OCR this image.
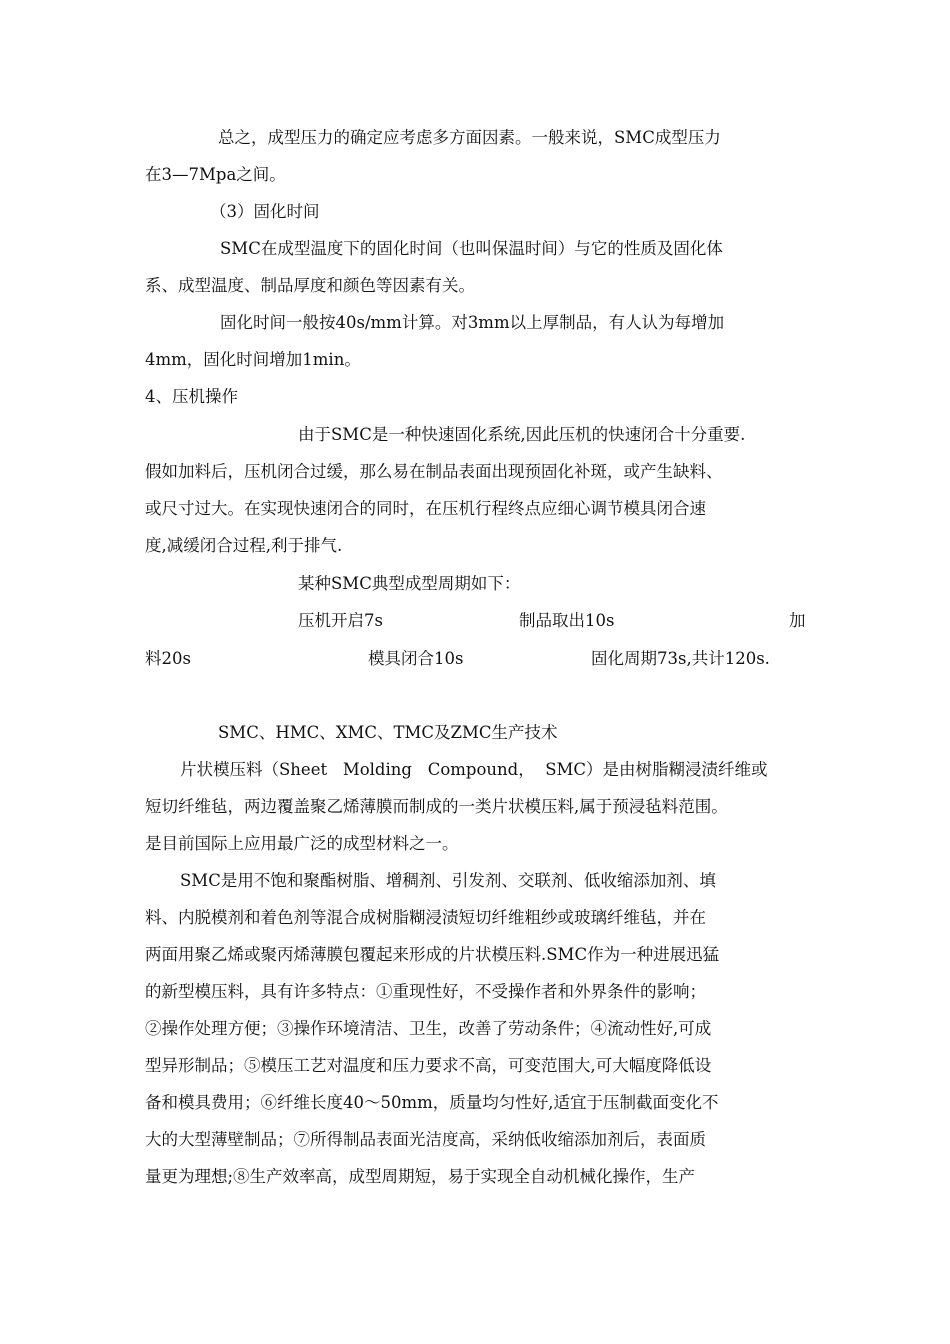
总之，成型压力的确定应考虑多方面因素。一般来说，SMC成型压力
在3—7Mpa之间。
（3）固化时间
SMC在成型温度下的固化时间（也叫保温时间）与它的性质及固化体
系、成型温度、制品厚度和颜色等因素有关。
固化时间一般按40s/mm计算。对3mm以上厚制品，有人认为每增加
4mm，固化时间增加1min。
4、压机操作
由于SMC是一种快速固化系统,因此压机的快速闭合十分重要.
假如加料后，压机闭合过缓，那么易在制品表面出现预固化补斑，或产生缺料、
或尺寸过大。在实现快速闭合的同时，在压机行程终点应细心调节模具闭合速
度,减缓闭合过程,利于排气.
某种SMC典型成型周期如下：
压机开启7s	制品取出10s	加
料20s	模具闭合10s	固化周期73s,共计120s.
SMC、HMC、XMC、TMC及ZMC生产技术
片状模压料（Sheet   Molding   Compound，  SMC）是由树脂糊浸渍纤维或
短切纤维毡，两边覆盖聚乙烯薄膜而制成的一类片状模压料,属于预浸毡料范围。
是目前国际上应用最广泛的成型材料之一。
SMC是用不饱和聚酯树脂、增稠剂、引发剂、交联剂、低收缩添加剂、填
料、内脱模剂和着色剂等混合成树脂糊浸渍短切纤维粗纱或玻璃纤维毡，并在
两面用聚乙烯或聚丙烯薄膜包覆起来形成的片状模压料.SMC作为一种进展迅猛
的新型模压料，具有许多特点：①重现性好，不受操作者和外界条件的影响；
②操作处理方便；③操作环境清洁、卫生，改善了劳动条件；④流动性好,可成
型异形制品；⑤模压工艺对温度和压力要求不高，可变范围大,可大幅度降低设
备和模具费用；⑥纤维长度40～50mm，质量均匀性好,适宜于压制截面变化不
大的大型薄壁制品；⑦所得制品表面光洁度高，采纳低收缩添加剂后，表面质
量更为理想;⑧生产效率高，成型周期短，易于实现全自动机械化操作，生产
